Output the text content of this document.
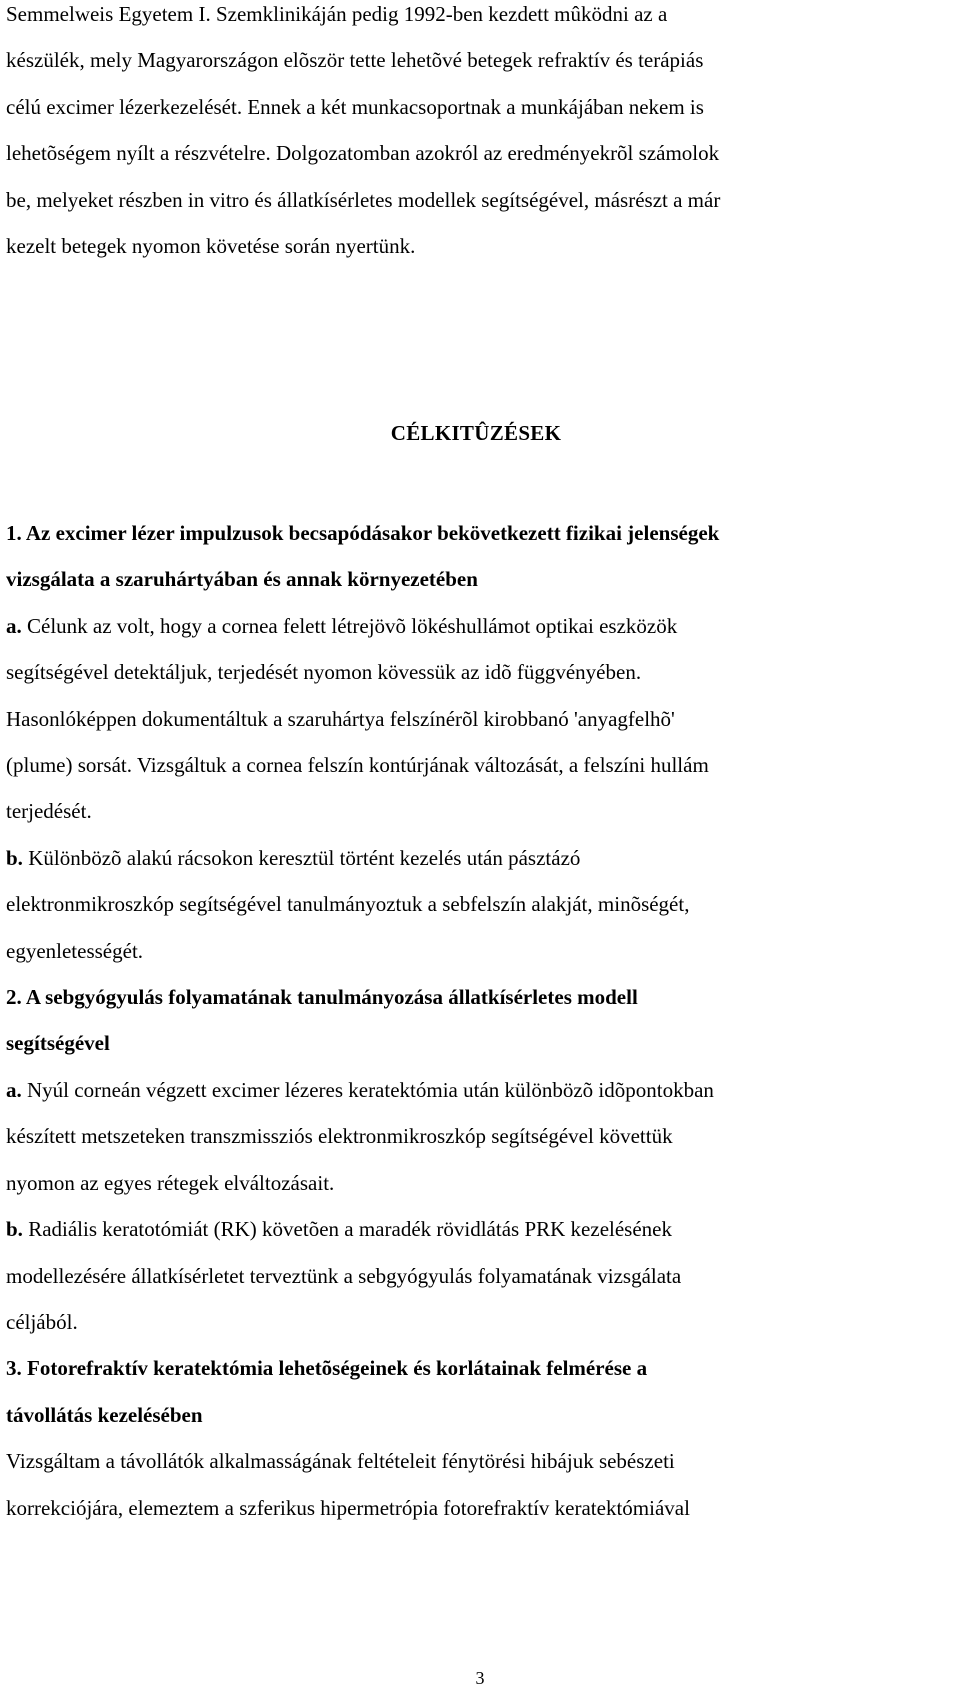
Semmelweis Egyetem I. Szemklinikáján pedig 1992-ben kezdett mûködni az a

készülék, mely Magyarországon elõször tette lehetõvé betegek refraktív és terápiás

célú excimer lézerkezelését. Ennek a két munkacsoportnak a munkájában nekem is

lehetõségem nyílt a részvételre. Dolgozatomban azokról az eredményekrõl számolok

be, melyeket részben in vitro és állatkísérletes modellek segítségével, másrészt a már

kezelt betegek nyomon követése során nyertünk.

CÉLKITÛZÉSEK

1. Az excimer lézer impulzusok becsapódásakor bekövetkezett fizikai jelenségek

vizsgálata a szaruhártyában és annak környezetében

a. Célunk az volt, hogy a cornea felett létrejövõ lökéshullámot optikai eszközök

segítségével detektáljuk, terjedését nyomon kövessük az idõ függvényében.

Hasonlóképpen dokumentáltuk a szaruhártya felszínérõl kirobbanó 'anyagfelhõ'

(plume) sorsát. Vizsgáltuk a cornea felszín kontúrjának változását, a felszíni hullám

terjedését.

b. Különbözõ alakú rácsokon keresztül történt kezelés után pásztázó

elektronmikroszkóp segítségével tanulmányoztuk a sebfelszín alakját, minõségét,

egyenletességét.

2. A sebgyógyulás folyamatának tanulmányozása állatkísérletes modell

segítségével

a. Nyúl corneán végzett excimer lézeres keratektómia után különbözõ idõpontokban

készített metszeteken transzmissziós elektronmikroszkóp segítségével követtük

nyomon az egyes rétegek elváltozásait.

b. Radiális keratotómiát (RK) követõen a maradék rövidlátás PRK kezelésének

modellezésére állatkísérletet terveztünk a sebgyógyulás folyamatának vizsgálata

céljából.

3. Fotorefraktív keratektómia lehetõségeinek és korlátainak felmérése a

távollátás kezelésében

Vizsgáltam a távollátók alkalmasságának feltételeit fénytörési hibájuk sebészeti

korrekciójára, elemeztem a szferikus hipermetrópia fotorefraktív keratektómiával

3
